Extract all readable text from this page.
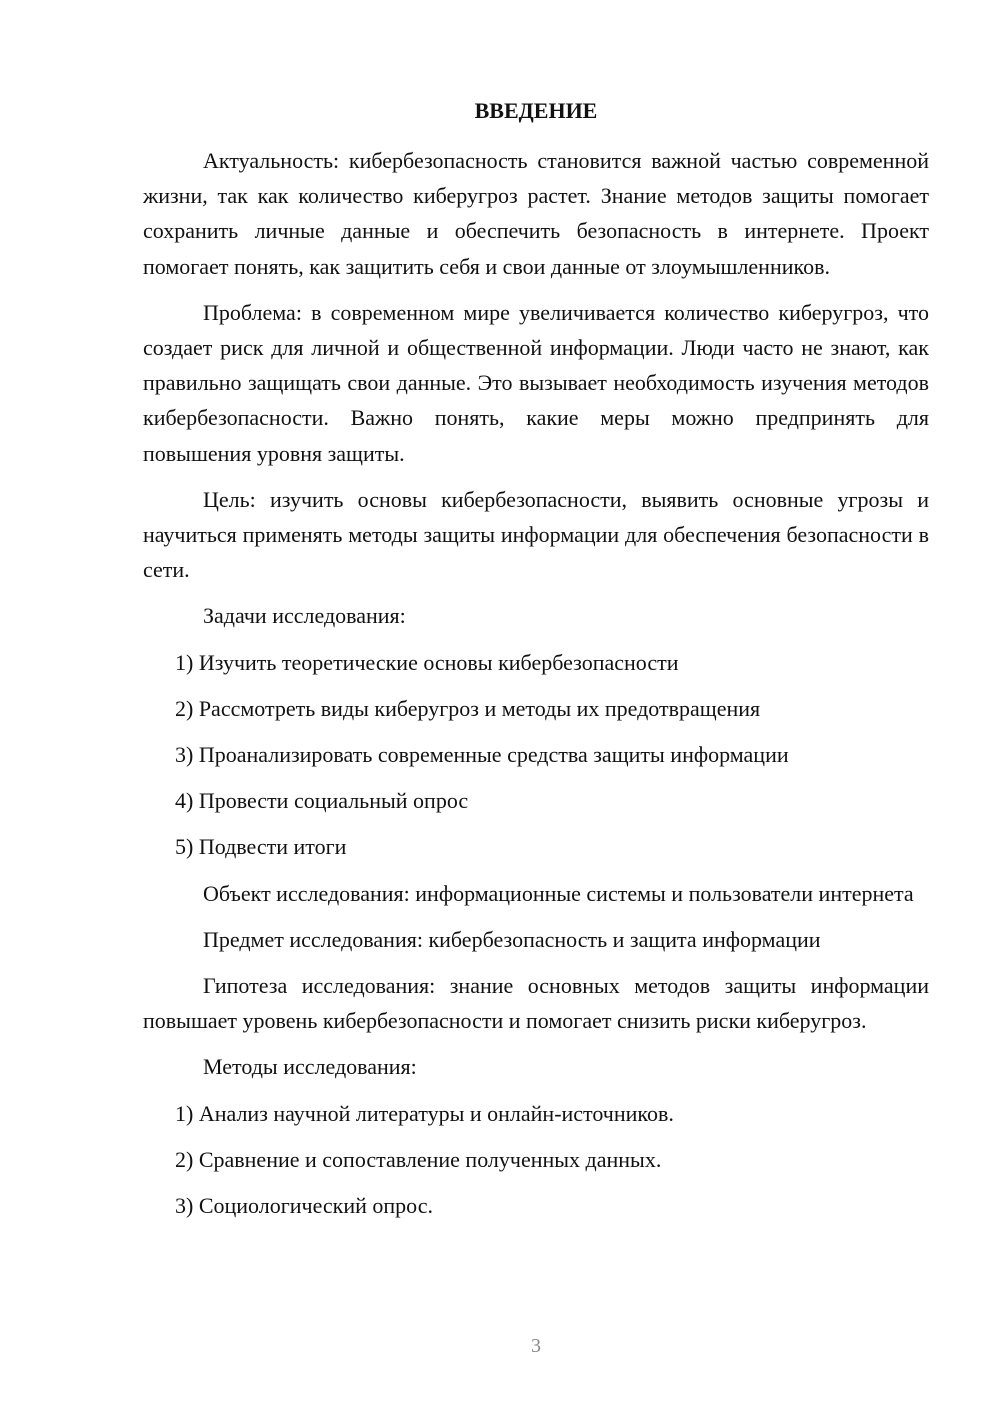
ВВЕДЕНИЕ
Актуальность: кибербезопасность становится важной частью современной жизни, так как количество киберугроз растет. Знание методов защиты помогает сохранить личные данные и обеспечить безопасность в интернете. Проект помогает понять, как защитить себя и свои данные от злоумышленников.
Проблема: в современном мире увеличивается количество киберугроз, что создает риск для личной и общественной информации. Люди часто не знают, как правильно защищать свои данные. Это вызывает необходимость изучения методов кибербезопасности. Важно понять, какие меры можно предпринять для повышения уровня защиты.
Цель: изучить основы кибербезопасности, выявить основные угрозы и научиться применять методы защиты информации для обеспечения безопасности в сети.
Задачи исследования:
1) Изучить теоретические основы кибербезопасности
2) Рассмотреть виды киберугроз и методы их предотвращения
3) Проанализировать современные средства защиты информации
4) Провести социальный опрос
5) Подвести итоги
Объект исследования: информационные системы и пользователи интернета
Предмет исследования: кибербезопасность и защита информации
Гипотеза исследования: знание основных методов защиты информации повышает уровень кибербезопасности и помогает снизить риски киберугроз.
Методы исследования:
1) Анализ научной литературы и онлайн-источников.
2) Сравнение и сопоставление полученных данных.
3) Социологический опрос.
3
